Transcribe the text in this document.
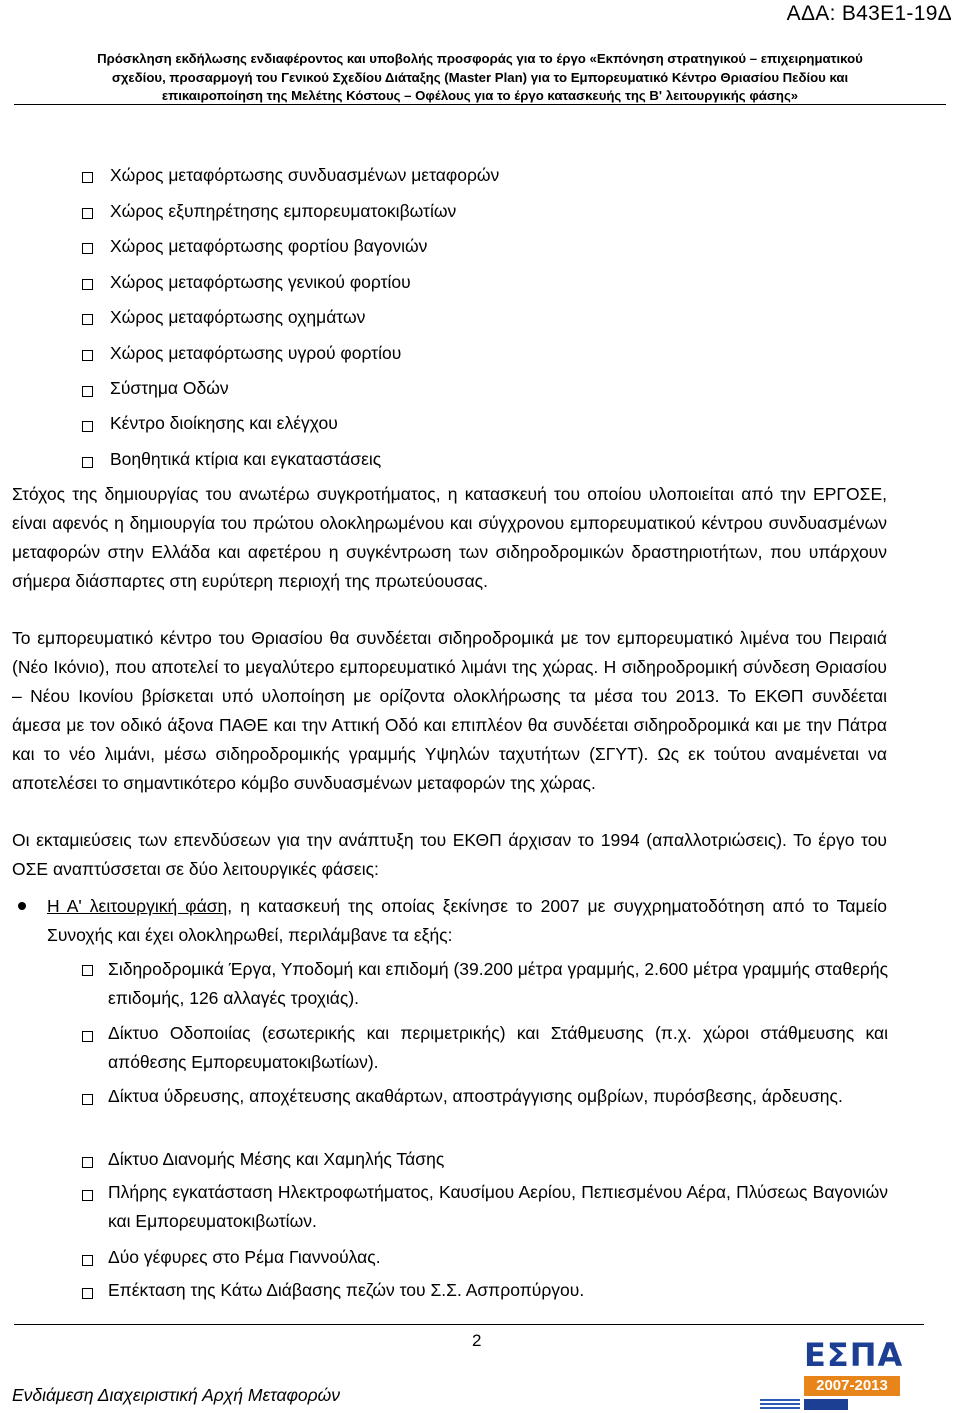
ΑΔΑ: Β43Ε1-19Δ
Πρόσκληση εκδήλωσης ενδιαφέροντος και υποβολής προσφοράς για το έργο «Εκπόνηση στρατηγικού – επιχειρηματικού
σχεδίου, προσαρμογή του Γενικού Σχεδίου Διάταξης (Master Plan) για το Εμπορευματικό Κέντρο Θριασίου Πεδίου και
επικαιροποίηση της Μελέτης Κόστους – Οφέλους για το έργο κατασκευής της Β' λειτουργικής φάσης»
Χώρος μεταφόρτωσης συνδυασμένων μεταφορών
Χώρος εξυπηρέτησης εμπορευματοκιβωτίων
Χώρος μεταφόρτωσης φορτίου βαγονιών
Χώρος μεταφόρτωσης γενικού φορτίου
Χώρος μεταφόρτωσης οχημάτων
Χώρος μεταφόρτωσης υγρού φορτίου
Σύστημα Οδών
Κέντρο διοίκησης και ελέγχου
Βοηθητικά κτίρια και εγκαταστάσεις

Στόχος της δημιουργίας του ανωτέρω συγκροτήματος, η κατασκευή του οποίου υλοποιείται από την ΕΡΓΟΣΕ, είναι αφενός η δημιουργία του πρώτου ολοκληρωμένου και σύγχρονου εμπορευματικού κέντρου συνδυασμένων μεταφορών στην Ελλάδα και αφετέρου η συγκέντρωση των σιδηροδρομικών δραστηριοτήτων, που υπάρχουν σήμερα διάσπαρτες στη ευρύτερη περιοχή της πρωτεύουσας.

Το εμπορευματικό κέντρο του Θριασίου θα συνδέεται σιδηροδρομικά με τον εμπορευματικό λιμένα του Πειραιά (Νέο Ικόνιο), που αποτελεί το μεγαλύτερο εμπορευματικό λιμάνι της χώρας. Η σιδηροδρομική σύνδεση Θριασίου – Νέου Ικονίου βρίσκεται υπό υλοποίηση με ορίζοντα ολοκλήρωσης τα μέσα του 2013. Το ΕΚΘΠ συνδέεται άμεσα με τον οδικό άξονα ΠΑΘΕ και την Αττική Οδό και επιπλέον θα συνδέεται σιδηροδρομικά και με την Πάτρα και το νέο λιμάνι, μέσω σιδηροδρομικής γραμμής Υψηλών ταχυτήτων (ΣΓΥΤ). Ως εκ τούτου αναμένεται να αποτελέσει το σημαντικότερο κόμβο συνδυασμένων μεταφορών της χώρας.

Οι εκταμιεύσεις των επενδύσεων για την ανάπτυξη του ΕΚΘΠ άρχισαν το 1994 (απαλλοτριώσεις). Το έργο του ΟΣΕ αναπτύσσεται σε δύο λειτουργικές φάσεις:

Η Α' λειτουργική φάση, η κατασκευή της οποίας ξεκίνησε το 2007 με συγχρηματοδότηση από το Ταμείο Συνοχής και έχει ολοκληρωθεί, περιλάμβανε τα εξής:
Σιδηροδρομικά Έργα, Υποδομή και επιδομή (39.200 μέτρα γραμμής, 2.600 μέτρα γραμμής σταθερής επιδομής, 126 αλλαγές τροχιάς).
Δίκτυο Οδοποιίας (εσωτερικής και περιμετρικής) και Στάθμευσης (π.χ. χώροι στάθμευσης και απόθεσης Εμπορευματοκιβωτίων).
Δίκτυα ύδρευσης, αποχέτευσης ακαθάρτων, αποστράγγισης ομβρίων, πυρόσβεσης, άρδευσης.
Δίκτυο Διανομής Μέσης και Χαμηλής Τάσης
Πλήρης εγκατάσταση Ηλεκτροφωτήματος, Καυσίμου Αερίου, Πεπιεσμένου Αέρα, Πλύσεως Βαγονιών και Εμπορευματοκιβωτίων.
Δύο γέφυρες στο Ρέμα Γιαννούλας.
Επέκταση της Κάτω Διάβασης πεζών του Σ.Σ. Ασπροπύργου.
2
Ενδιάμεση Διαχειριστική Αρχή Μεταφορών
ΕΣΠΑ
2007-2013
